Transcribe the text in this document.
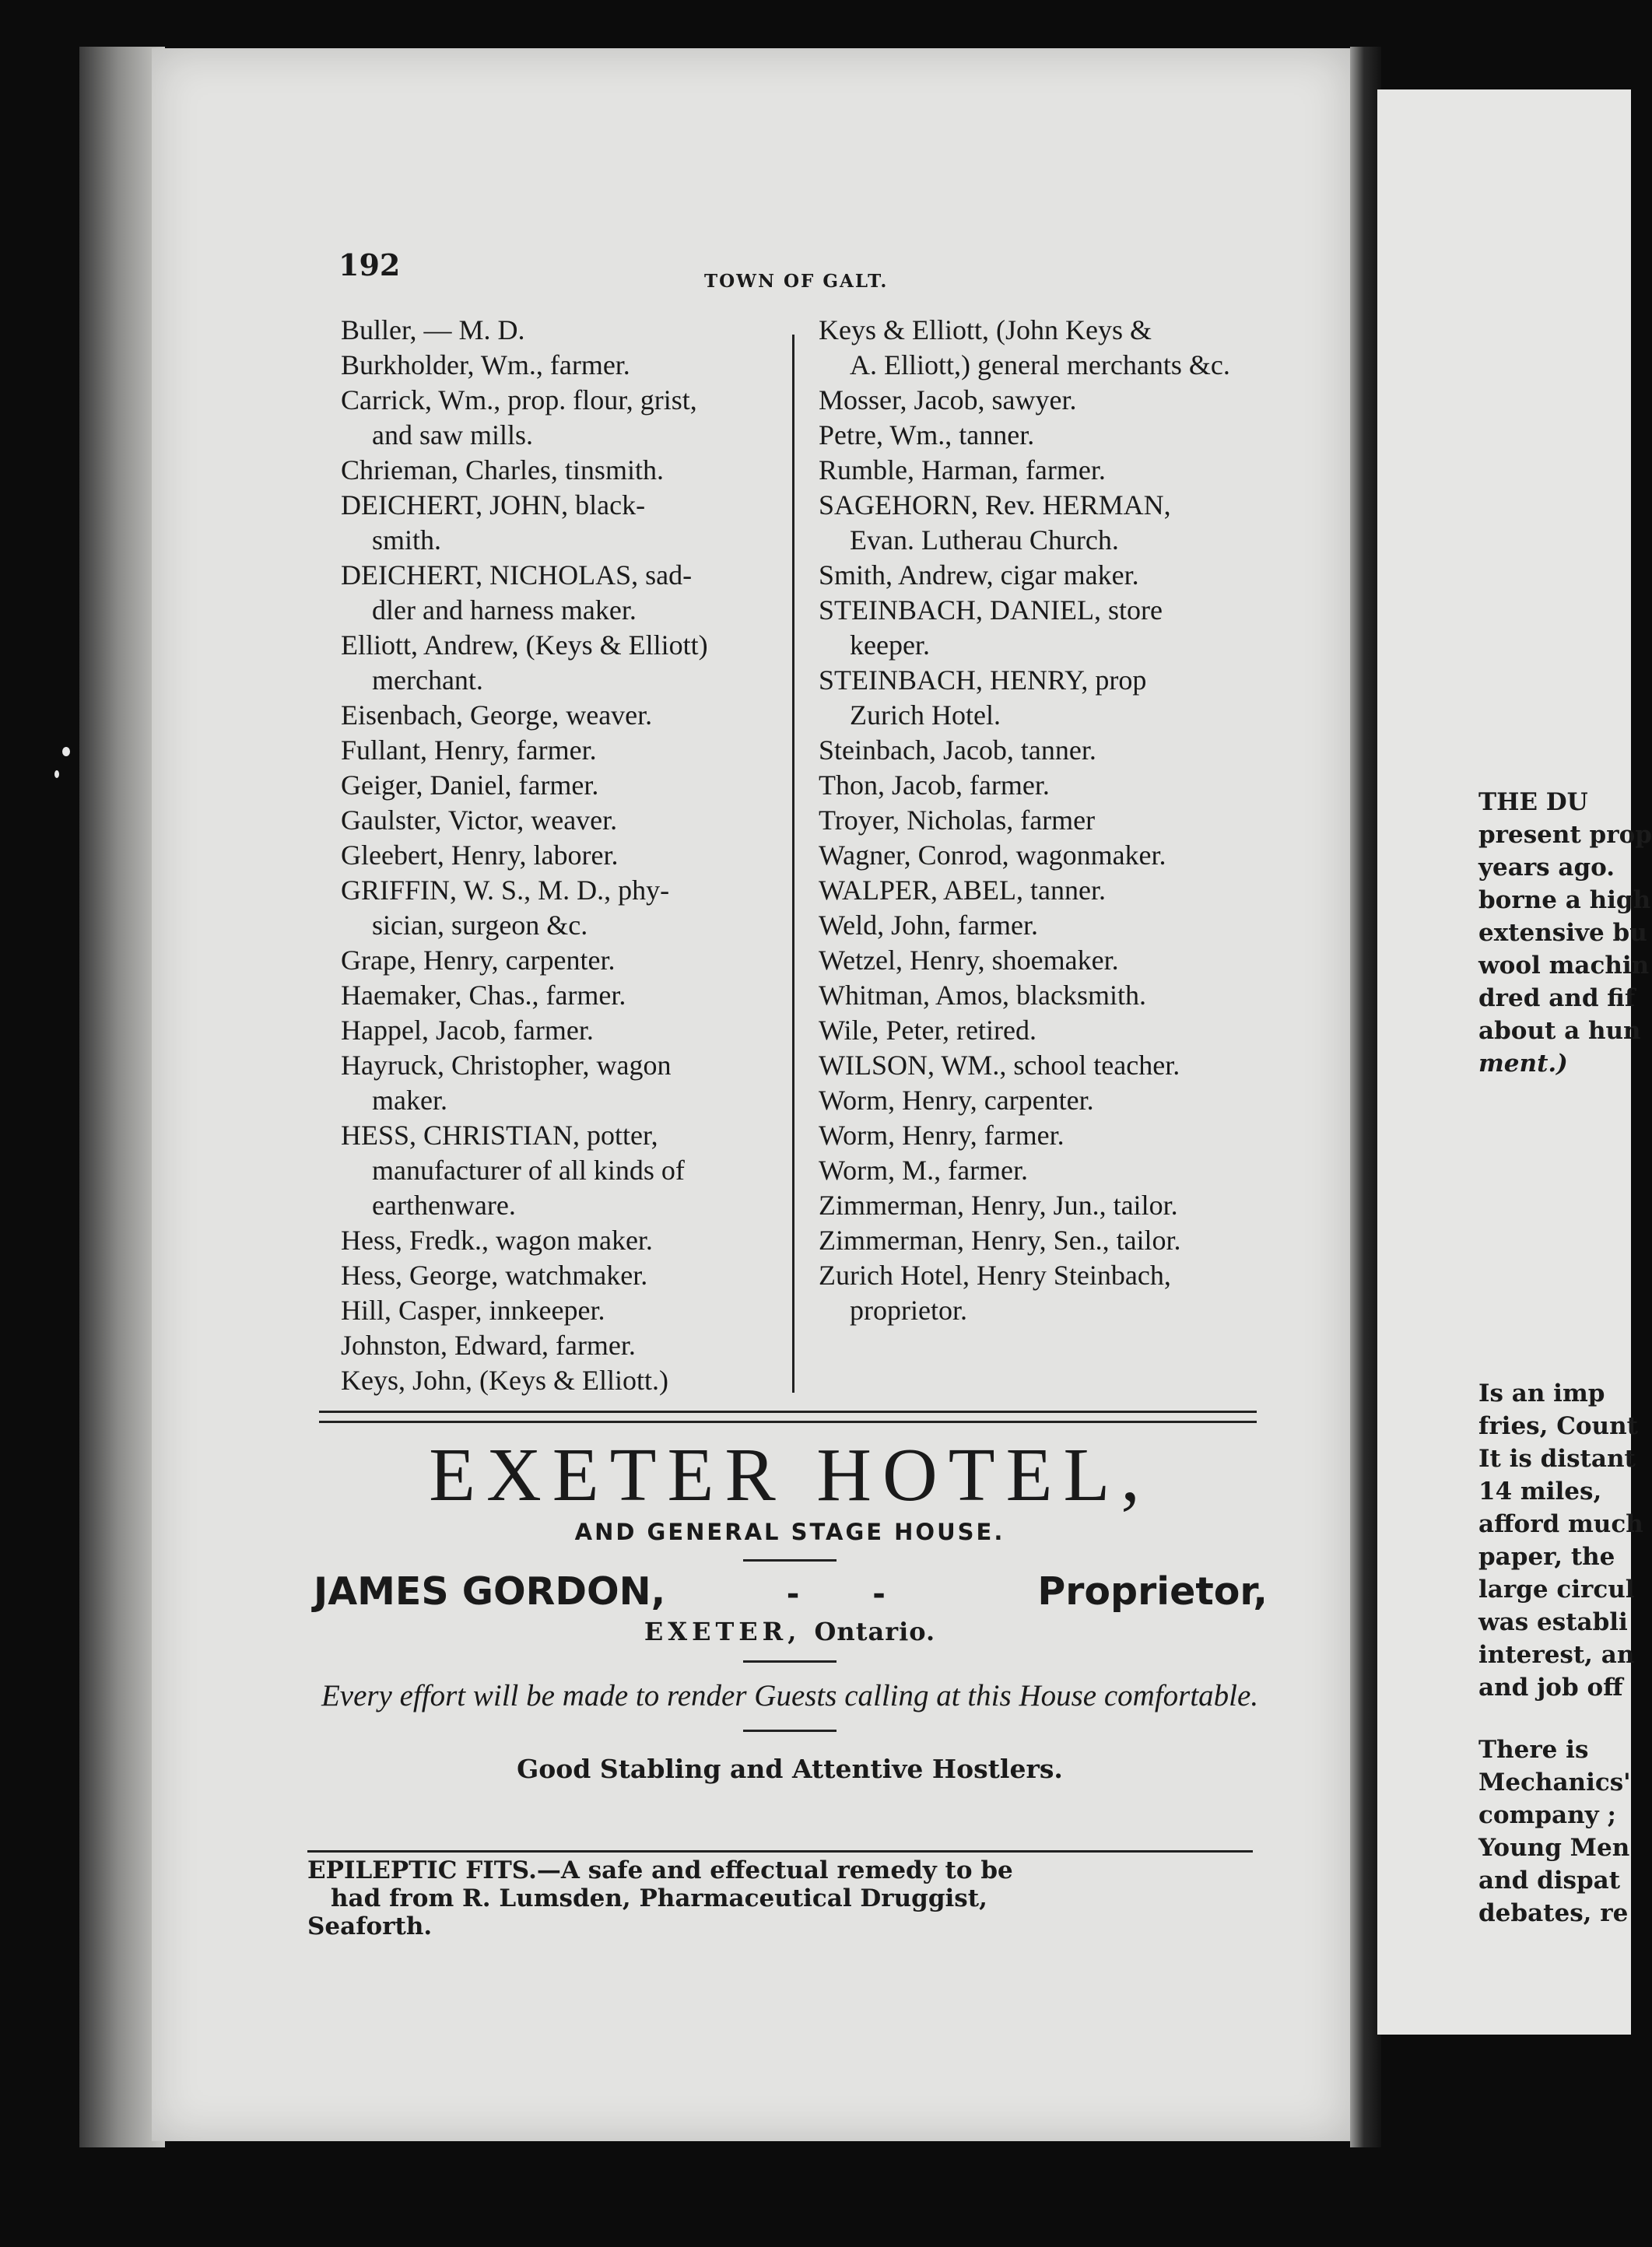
192	TOWN OF GALT.
Buller, — M. D.
Burkholder, Wm., farmer.
Carrick, Wm., prop. flour, grist,
and saw mills.
Chrieman, Charles, tinsmith.
DEICHERT, JOHN, black-
smith.
DEICHERT, NICHOLAS, sad-
dler and harness maker.
Elliott, Andrew, (Keys & Elliott)
merchant.
Eisenbach, George, weaver.
Fullant, Henry, farmer.
Geiger, Daniel, farmer.
Gaulster, Victor, weaver.
Gleebert, Henry, laborer.
GRIFFIN, W. S., M. D., phy-
sician, surgeon &c.
Grape, Henry, carpenter.
Haemaker, Chas., farmer.
Happel, Jacob, farmer.
Hayruck, Christopher, wagon
maker.
HESS, CHRISTIAN, potter,
manufacturer of all kinds of earthenware.
Hess, Fredk., wagon maker.
Hess, George, watchmaker.
Hill, Casper, innkeeper.
Johnston, Edward, farmer.
Keys, John, (Keys & Elliott.)
Keys & Elliott, (John Keys &
A. Elliott,) general merchants &c.
Mosser, Jacob, sawyer.
Petre, Wm., tanner.
Rumble, Harman, farmer.
SAGEHORN, Rev. HERMAN,
Evan. Lutherau Church.
Smith, Andrew, cigar maker.
STEINBACH, DANIEL, store
keeper.
STEINBACH, HENRY, prop
Zurich Hotel.
Steinbach, Jacob, tanner.
Thon, Jacob, farmer.
Troyer, Nicholas, farmer
Wagner, Conrod, wagonmaker.
WALPER, ABEL, tanner.
Weld, John, farmer.
Wetzel, Henry, shoemaker.
Whitman, Amos, blacksmith.
Wile, Peter, retired.
WILSON, WM., school teacher.
Worm, Henry, carpenter.
Worm, Henry, farmer.
Worm, M., farmer.
Zimmerman, Henry, Jun., tailor.
Zimmerman, Henry, Sen., tailor.
Zurich Hotel, Henry Steinbach,
proprietor.
EXETER HOTEL,
AND GENERAL STAGE HOUSE.
JAMES GORDON,	- -	Proprietor,
EXETER, Ontario.
Every effort will be made to render Guests calling at this House comfortable.
Good Stabling and Attentive Hostlers.
EPILEPTIC FITS.—A safe and effectual remedy to be
had from R. Lumsden, Pharmaceutical Druggist,
Seaforth.
THE DU
present prop
years ago.
borne a high
extensive bu
wool machin
dred and fif
about a hun
ment.)
Is an imp
fries, Count
It is distant
14 miles,
afford much
paper, the
large circul
was establi
interest, an
and job off
There is
Mechanics'
company ;
Young Men
and dispat
debates, re
